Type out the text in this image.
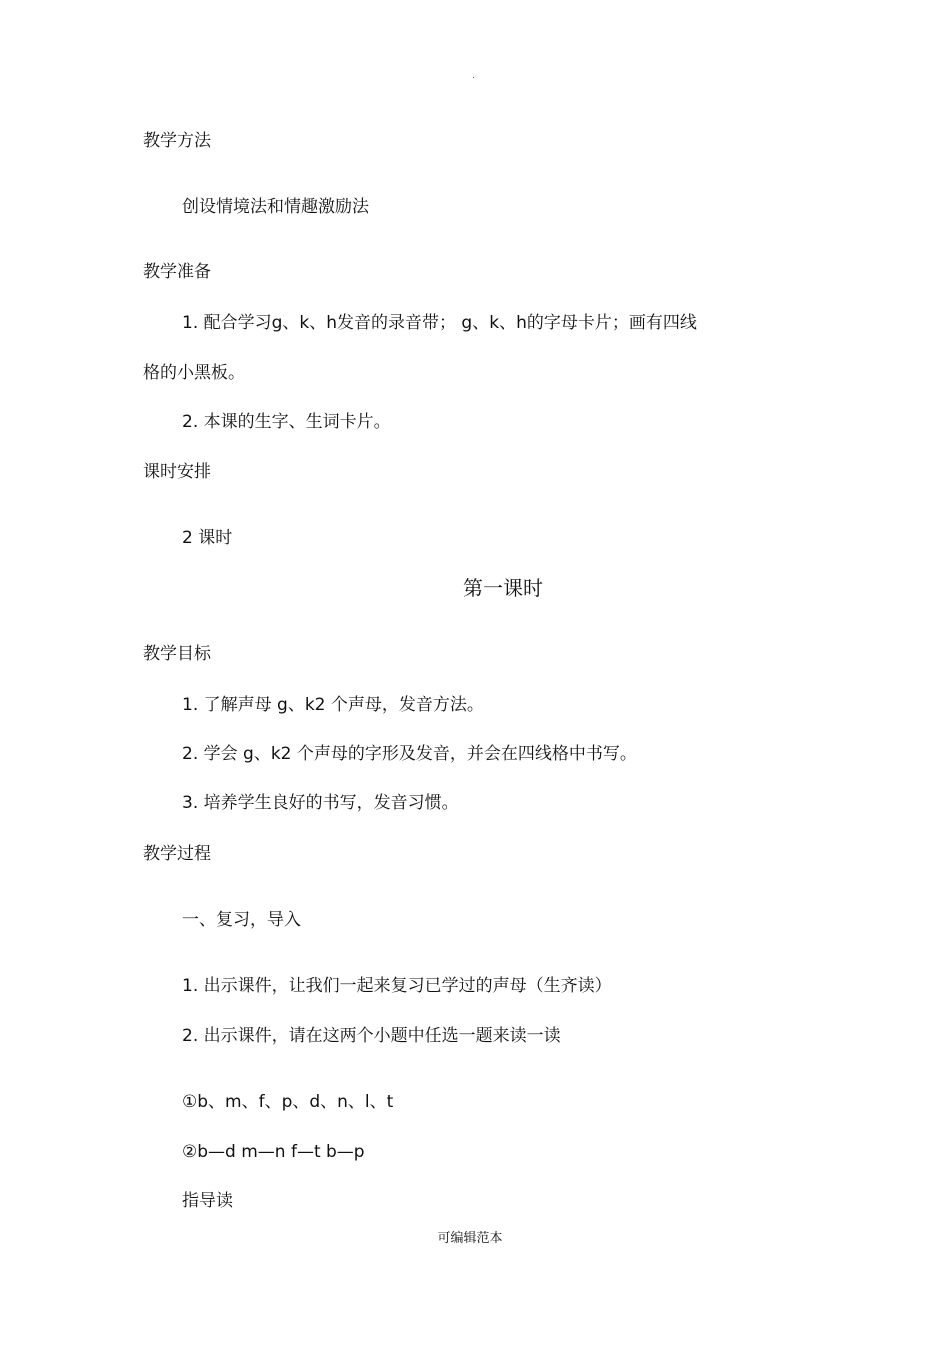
·
教学方法
创设情境法和情趣激励法
教学准备
1. 配合学习g、k、h发音的录音带； g、k、h的字母卡片；画有四线
格的小黑板。
2. 本课的生字、生词卡片。
课时安排
2 课时
第一课时
教学目标
1. 了解声母 g、k2 个声母，发音方法。
2. 学会 g、k2 个声母的字形及发音，并会在四线格中书写。
3. 培养学生良好的书写，发音习惯。
教学过程
一、复习，导入
1. 出示课件，让我们一起来复习已学过的声母（生齐读）
2. 出示课件，请在这两个小题中任选一题来读一读
①b、m、f、p、d、n、l、t
②b—d m—n f—t b—p
指导读
可编辑范本
